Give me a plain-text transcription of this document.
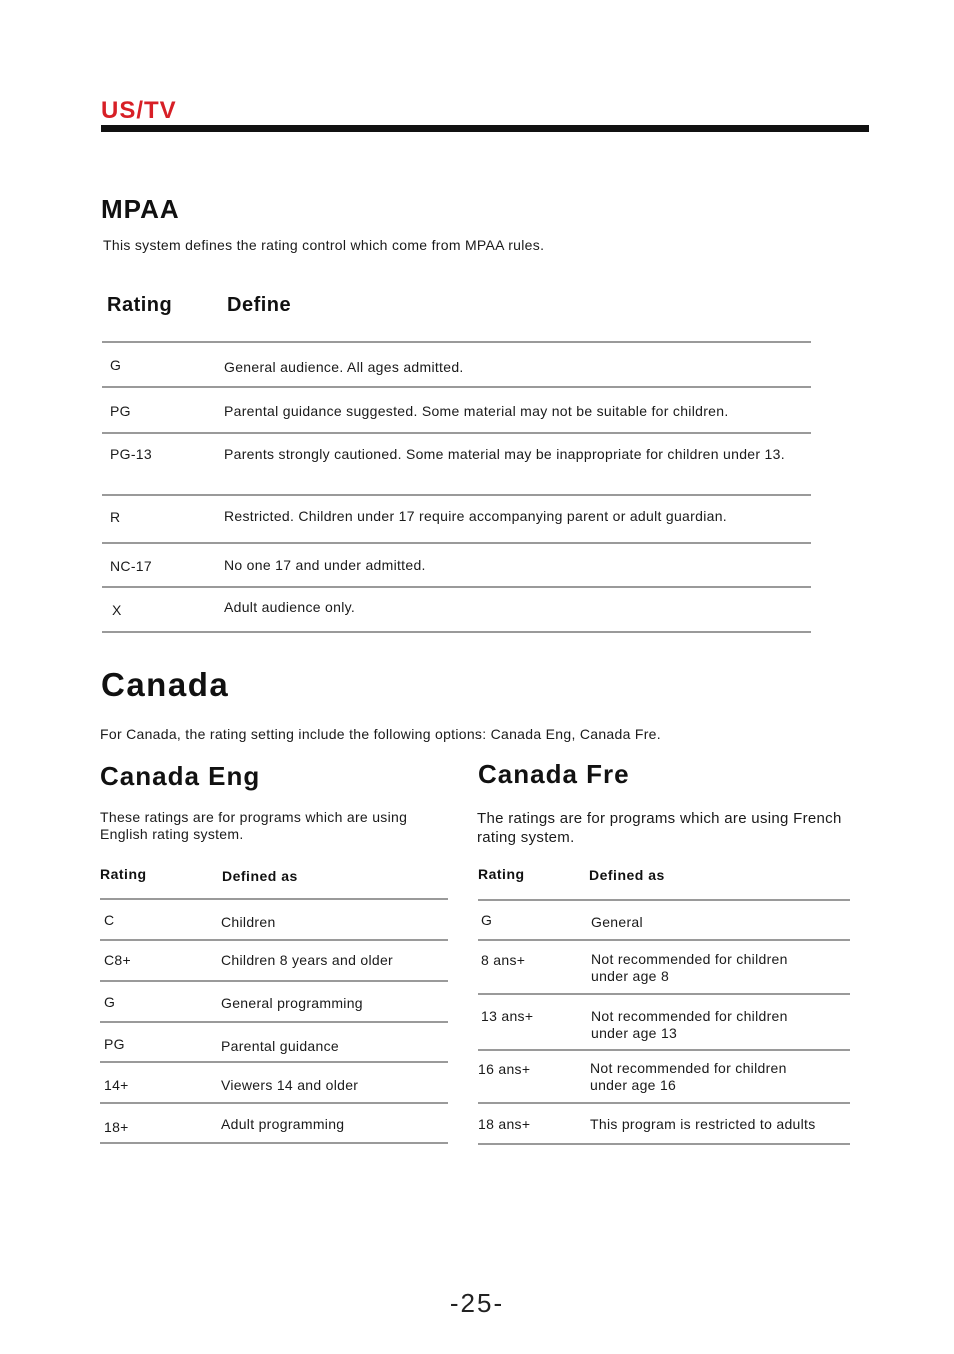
US/TV
MPAA
This system defines the rating control which come from MPAA rules.
Rating	Define
G	General audience. All ages admitted.
PG	Parental guidance suggested. Some material may not be suitable for children.
PG-13	Parents strongly cautioned. Some material may be inappropriate for children under 13.
R	Restricted. Children under 17 require accompanying parent or adult guardian.
NC-17	No one 17 and under admitted.
X	Adult audience only.
Canada
For Canada, the rating setting include the following options: Canada Eng, Canada Fre.
Canada Eng
These ratings are for programs which are using English rating system.
Rating	Defined as
C	Children
C8+	Children 8 years and older
G	General programming
PG	Parental guidance
14+	Viewers 14 and older
18+	Adult programming
Canada Fre
The ratings are for programs which are using French rating system.
Rating	Defined as
G	General
8 ans+	Not recommended for children under age 8
13 ans+	Not recommended for children under age 13
16 ans+	Not recommended for children under age 16
18 ans+	This program is restricted to adults
-25-
